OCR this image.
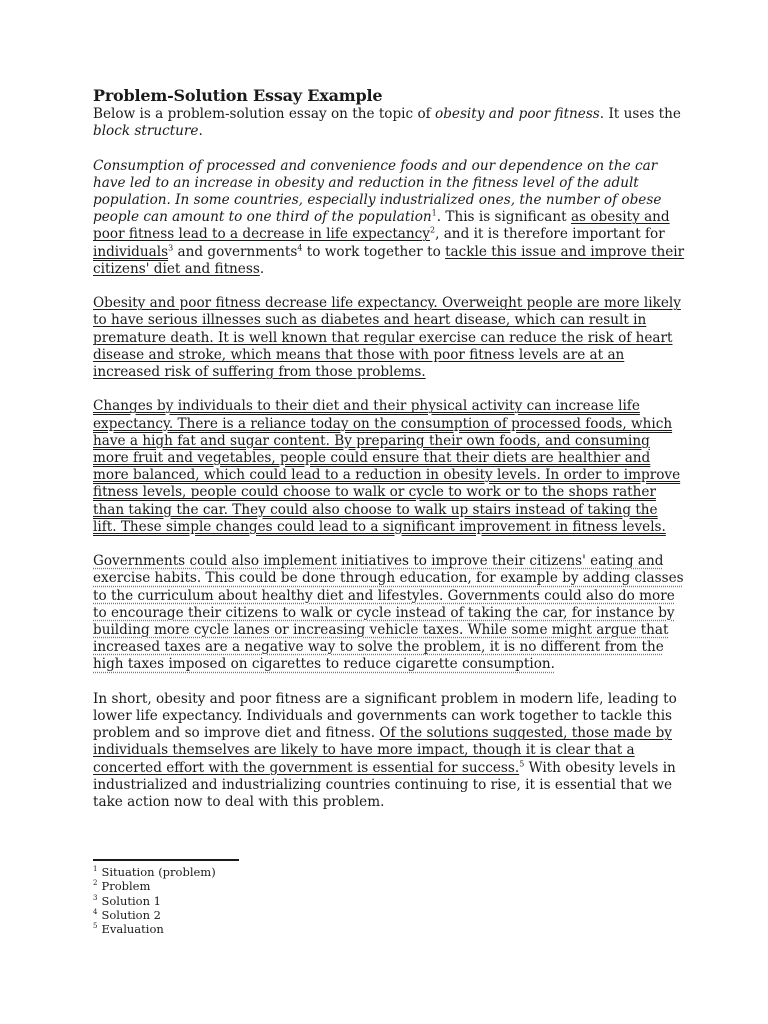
Problem-Solution Essay Example

Below is a problem-solution essay on the topic of obesity and poor fitness. It uses the block structure.

Consumption of processed and convenience foods and our dependence on the car have led to an increase in obesity and reduction in the fitness level of the adult population. In some countries, especially industrialized ones, the number of obese people can amount to one third of the population$^1$. This is significant as obesity and poor fitness lead to a decrease in life expectancy$^2$, and it is therefore important for individuals$^3$ and governments$^4$ to work together to tackle this issue and improve their citizens' diet and fitness.

Obesity and poor fitness decrease life expectancy. Overweight people are more likely to have serious illnesses such as diabetes and heart disease, which can result in premature death. It is well known that regular exercise can reduce the risk of heart disease and stroke, which means that those with poor fitness levels are at an increased risk of suffering from those problems.

Changes by individuals to their diet and their physical activity can increase life expectancy. There is a reliance today on the consumption of processed foods, which have a high fat and sugar content. By preparing their own foods, and consuming more fruit and vegetables, people could ensure that their diets are healthier and more balanced, which could lead to a reduction in obesity levels. In order to improve fitness levels, people could choose to walk or cycle to work or to the shops rather than taking the car. They could also choose to walk up stairs instead of taking the lift. These simple changes could lead to a significant improvement in fitness levels.

Governments could also implement initiatives to improve their citizens' eating and exercise habits. This could be done through education, for example by adding classes to the curriculum about healthy diet and lifestyles. Governments could also do more to encourage their citizens to walk or cycle instead of taking the car, for instance by building more cycle lanes or increasing vehicle taxes. While some might argue that increased taxes are a negative way to solve the problem, it is no different from the high taxes imposed on cigarettes to reduce cigarette consumption.

In short, obesity and poor fitness are a significant problem in modern life, leading to lower life expectancy. Individuals and governments can work together to tackle this problem and so improve diet and fitness. Of the solutions suggested, those made by individuals themselves are likely to have more impact, though it is clear that a concerted effort with the government is essential for success.$^5$ With obesity levels in industrialized and industrializing countries continuing to rise, it is essential that we take action now to deal with this problem.

$^1$ Situation (problem)
$^2$ Problem
$^3$ Solution 1
$^4$ Solution 2
$^5$ Evaluation
